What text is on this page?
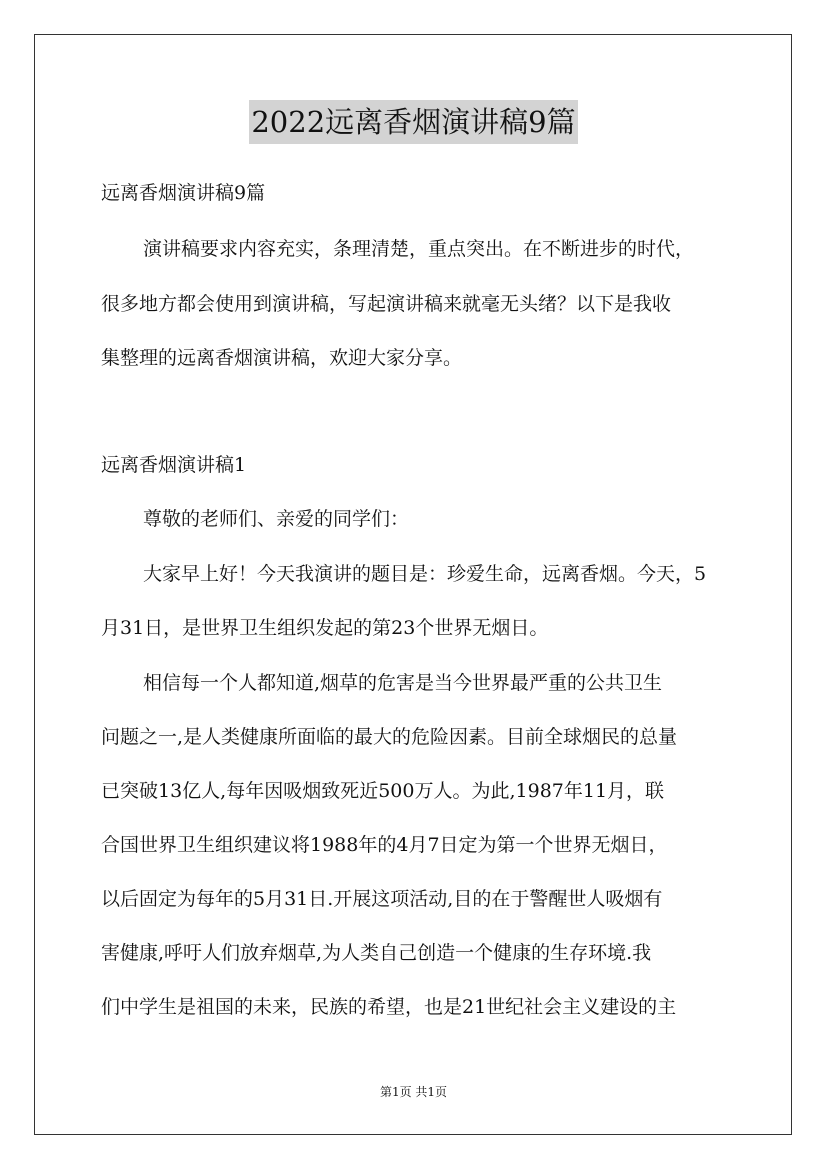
2022远离香烟演讲稿9篇
远离香烟演讲稿9篇
演讲稿要求内容充实，条理清楚，重点突出。在不断进步的时代，
很多地方都会使用到演讲稿，写起演讲稿来就毫无头绪？以下是我收
集整理的远离香烟演讲稿，欢迎大家分享。
远离香烟演讲稿1
尊敬的老师们、亲爱的同学们：
大家早上好！今天我演讲的题目是：珍爱生命，远离香烟。今天，5
月31日，是世界卫生组织发起的第23个世界无烟日。
相信每一个人都知道,烟草的危害是当今世界最严重的公共卫生
问题之一,是人类健康所面临的最大的危险因素。目前全球烟民的总量
已突破13亿人,每年因吸烟致死近500万人。为此,1987年11月，联
合国世界卫生组织建议将1988年的4月7日定为第一个世界无烟日，
以后固定为每年的5月31日.开展这项活动,目的在于警醒世人吸烟有
害健康,呼吁人们放弃烟草,为人类自己创造一个健康的生存环境.我
们中学生是祖国的未来，民族的希望，也是21世纪社会主义建设的主
第1页 共1页
